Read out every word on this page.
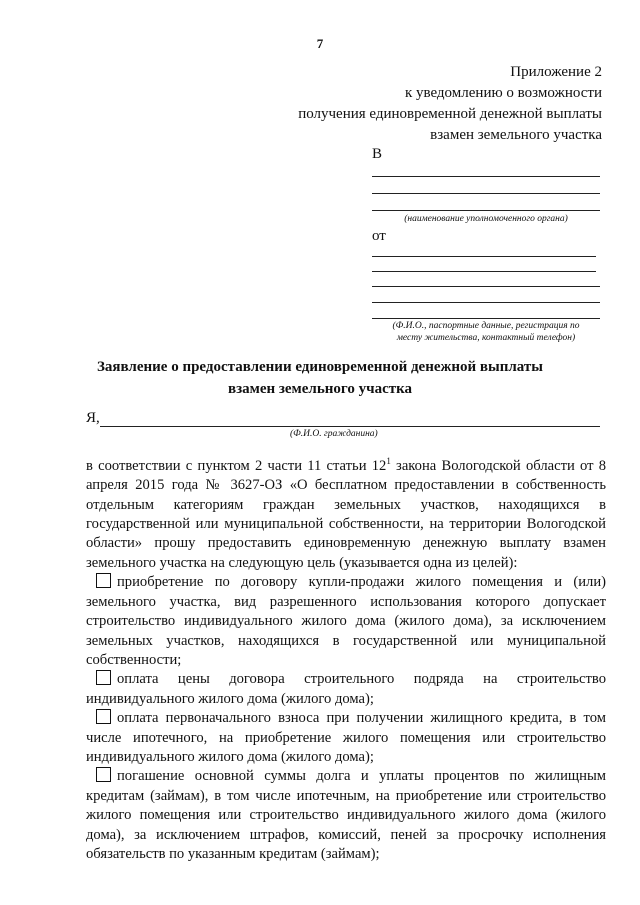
7
Приложение 2
к уведомлению о возможности
получения единовременной денежной выплаты
взамен земельного участка
В
(наименование уполномоченного органа)
от
(Ф.И.О., паспортные данные, регистрация по
месту жительства, контактный телефон)
Заявление о предоставлении единовременной денежной выплаты
взамен земельного участка
Я,
(Ф.И.О. гражданина)

в соответствии с пунктом 2 части 11 статьи $12^1$ закона Вологодской области от 8 апреля 2015 года № 3627-ОЗ «О бесплатном предоставлении в собственность отдельным категориям граждан земельных участков, находящихся в государственной или муниципальной собственности, на территории Вологодской области» прошу предоставить единовременную денежную выплату взамен земельного участка на следующую цель (указывается одна из целей):

приобретение по договору купли-продажи жилого помещения и (или) земельного участка, вид разрешенного использования которого допускает строительство индивидуального жилого дома (жилого дома), за исключением земельных участков, находящихся в государственной или муниципальной собственности;

оплата цены договора строительного подряда на строительство индивидуального жилого дома (жилого дома);

оплата первоначального взноса при получении жилищного кредита, в том числе ипотечного, на приобретение жилого помещения или строительство индивидуального жилого дома (жилого дома);

погашение основной суммы долга и уплаты процентов по жилищным кредитам (займам), в том числе ипотечным, на приобретение или строительство жилого помещения или строительство индивидуального жилого дома (жилого дома), за исключением штрафов, комиссий, пеней за просрочку исполнения обязательств по указанным кредитам (займам);
